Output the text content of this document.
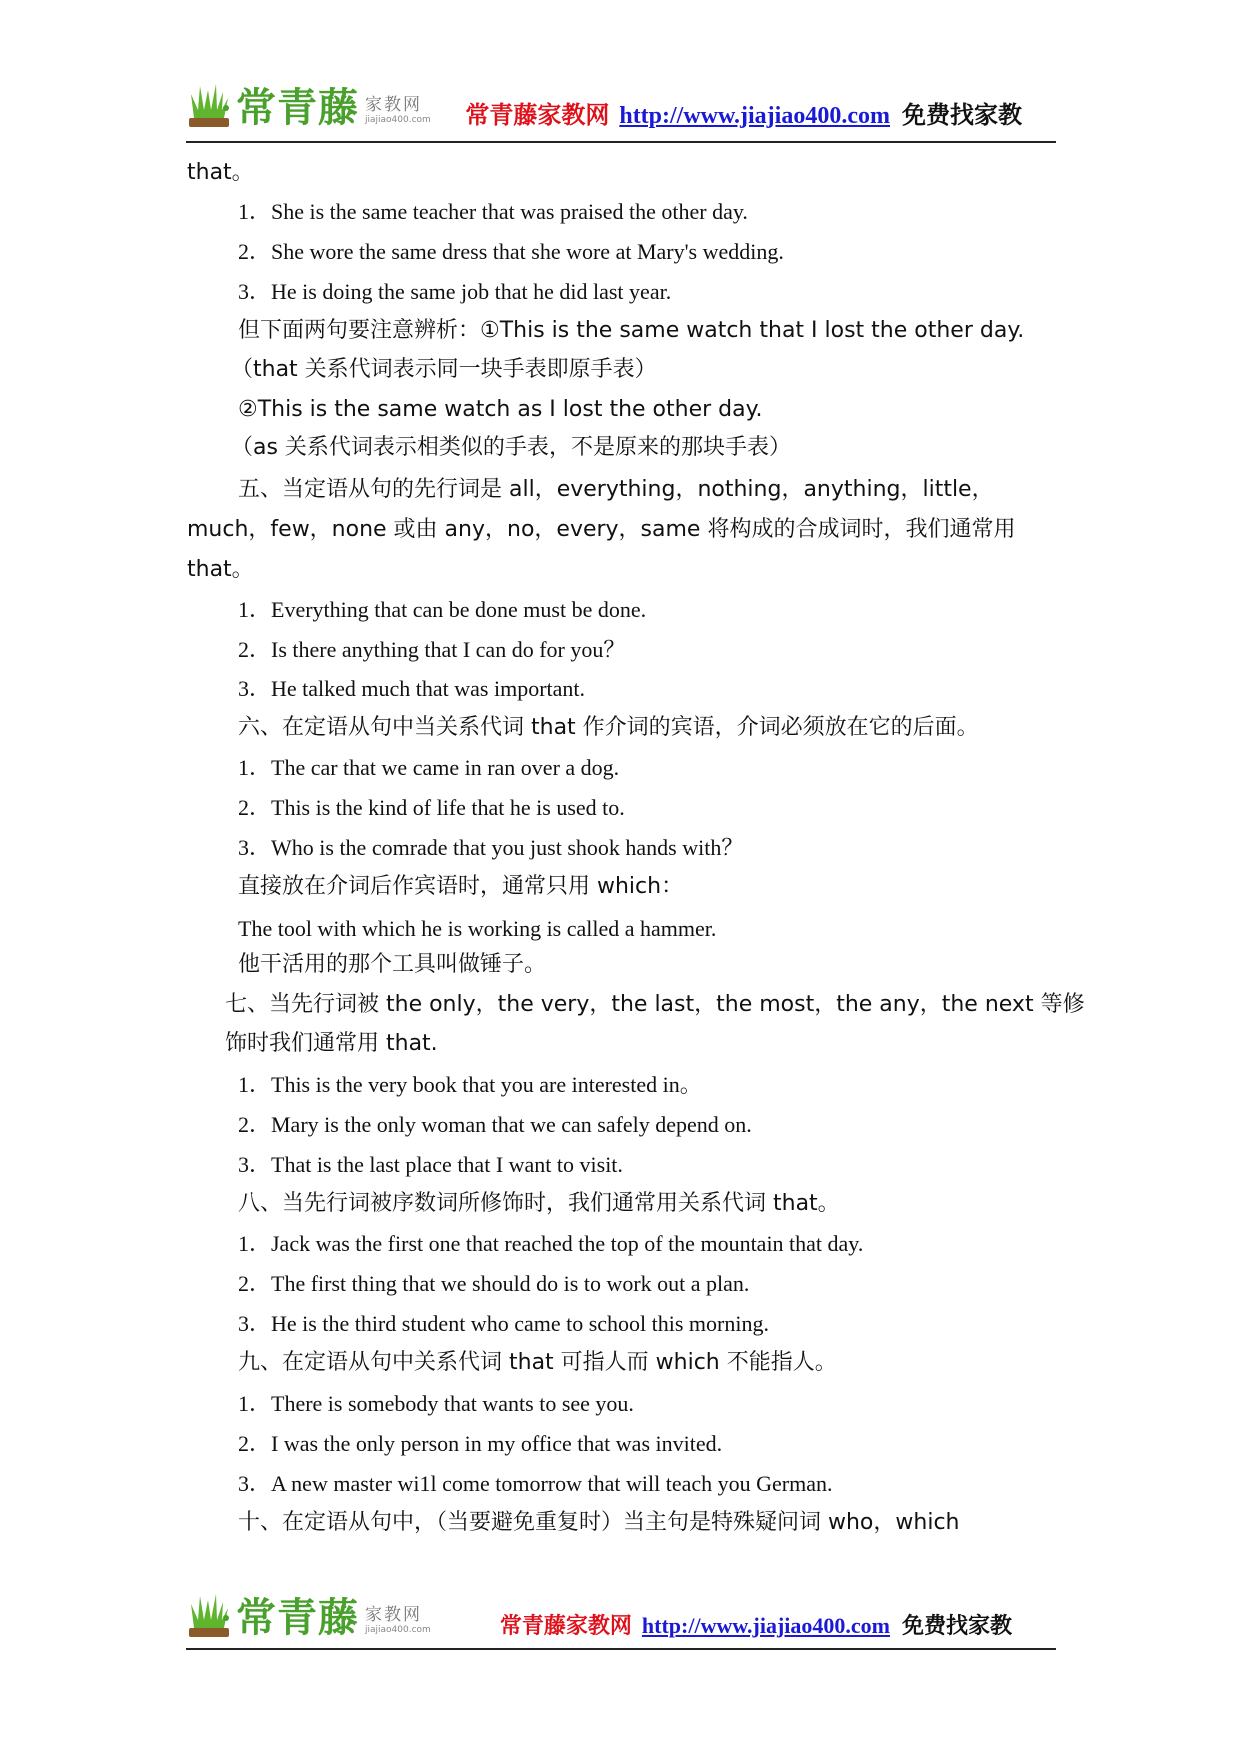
常青藤 家教网
jiajiao400.com 常青藤家教网 http://www.jiajiao400.com 免费找家教
that。
1．She is the same teacher that was praised the other day.
2．She wore the same dress that she wore at Mary's wedding.
3．He is doing the same job that he did last year.
但下面两句要注意辨析：①This is the same watch that I lost the other day.
（that 关系代词表示同一块手表即原手表）
②This is the same watch as I lost the other day.
（as 关系代词表示相类似的手表，不是原来的那块手表）
五、当定语从句的先行词是 all，everything，nothing，anything，little，
much，few，none 或由 any，no，every，same 将构成的合成词时，我们通常用
that。
1．Everything that can be done must be done.
2．Is there anything that I can do for you？
3．He talked much that was important.
六、在定语从句中当关系代词 that 作介词的宾语，介词必须放在它的后面。
1．The car that we came in ran over a dog.
2．This is the kind of life that he is used to.
3．Who is the comrade that you just shook hands with？
直接放在介词后作宾语时，通常只用 which：
The tool with which he is working is called a hammer.
他干活用的那个工具叫做锤子。
七、当先行词被 the only，the very，the last，the most，the any，the next 等修
饰时我们通常用 that.
1．This is the very book that you are interested in。
2．Mary is the only woman that we can safely depend on.
3．That is the last place that I want to visit.
八、当先行词被序数词所修饰时，我们通常用关系代词 that。
1．Jack was the first one that reached the top of the mountain that day.
2．The first thing that we should do is to work out a plan.
3．He is the third student who came to school this morning.
九、在定语从句中关系代词 that 可指人而 which 不能指人。
1．There is somebody that wants to see you.
2．I was the only person in my office that was invited.
3．A new master wi1l come tomorrow that will teach you German.
十、在定语从句中，（当要避免重复时）当主句是特殊疑问词 who，which
常青藤 家教网
jiajiao400.com	常青藤家教网 http://www.jiajiao400.com 免费找家教
